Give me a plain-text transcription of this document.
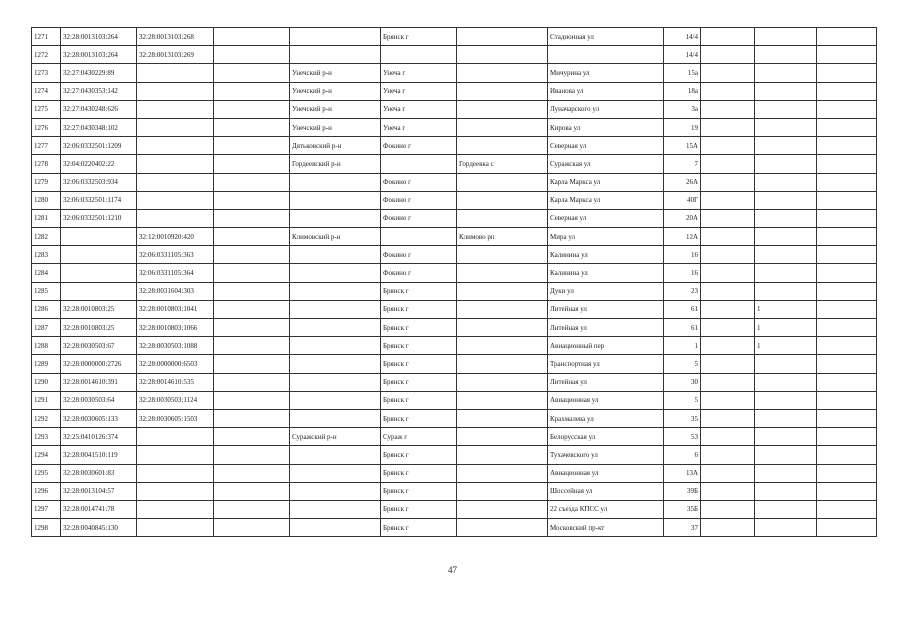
1271	32:28:0013103:264	32:28:0013103:268			Брянск г		Стадионная ул	14/4			
1272	32:28:0013103:264	32:28:0013103:269						14/4			
1273	32:27:0430229:89			Унечский р-н	Унеча г		Мичурина ул	15а			
1274	32:27:0430353:142			Унечский р-н	Унеча г		Иванова ул	18а			
1275	32:27:0430248:626			Унечский р-н	Унеча г		Луначарского ул	3а			
1276	32:27:0430348:102			Унечский р-н	Унеча г		Кирова ул	19			
1277	32:06:0332501:1209			Дятьковский р-н	Фокино г		Северная ул	15А			
1278	32:04:0220402:22			Гордеевский р-н		Гордеевка с	Суражская ул	7			
1279	32:06:0332503:934				Фокино г		Карла Маркса ул	26А			
1280	32:06:0332501:1174				Фокино г		Карла Маркса ул	40Г			
1281	32:06:0332501:1210				Фокино г		Северная ул	20А			
1282		32:12:0010920:420		Климовский р-н		Климово рп	Мира ул	12А			
1283		32:06:0331105:363			Фокино г		Калинина ул	16			
1284		32:06:0331105:364			Фокино г		Калинина ул	16			
1285		32:28:0031604:303			Брянск г		Дуки ул	23			
1286	32:28:0010803:25	32:28:0010803:1041			Брянск г		Литейная ул	61		1	
1287	32:28:0010803:25	32:28:0010803:1066			Брянск г		Литейная ул	61		1	
1288	32:28:0030503:67	32:28:0030503:1088			Брянск г		Авиационный пер	1		1	
1289	32:28:0000000:2726	32:28:0000000:6503			Брянск г		Транспортная ул	5			
1290	32:28:0014610:391	32:28:0014610:535			Брянск г		Литейная ул	30			
1291	32:28:0030503:64	32:28:0030503:1124			Брянск г		Авиационная ул	5			
1292	32:28:0030605:133	32:28:0030605:1503			Брянск г		Крахмалева ул	35			
1293	32:25:0410126:374			Суражский р-н	Сураж г		Белорусская ул	53			
1294	32:28:0041510:119				Брянск г		Тухачевского ул	6			
1295	32:28:0030601:83				Брянск г		Авиационная ул	13А			
1296	32:28:0013104:57				Брянск г		Шоссейная ул	39Б			
1297	32:28:0014741:78				Брянск г		22 съезда КПСС ул	35Б			
1298	32:28:0040845:130				Брянск г		Московский пр-кт	37			
47
